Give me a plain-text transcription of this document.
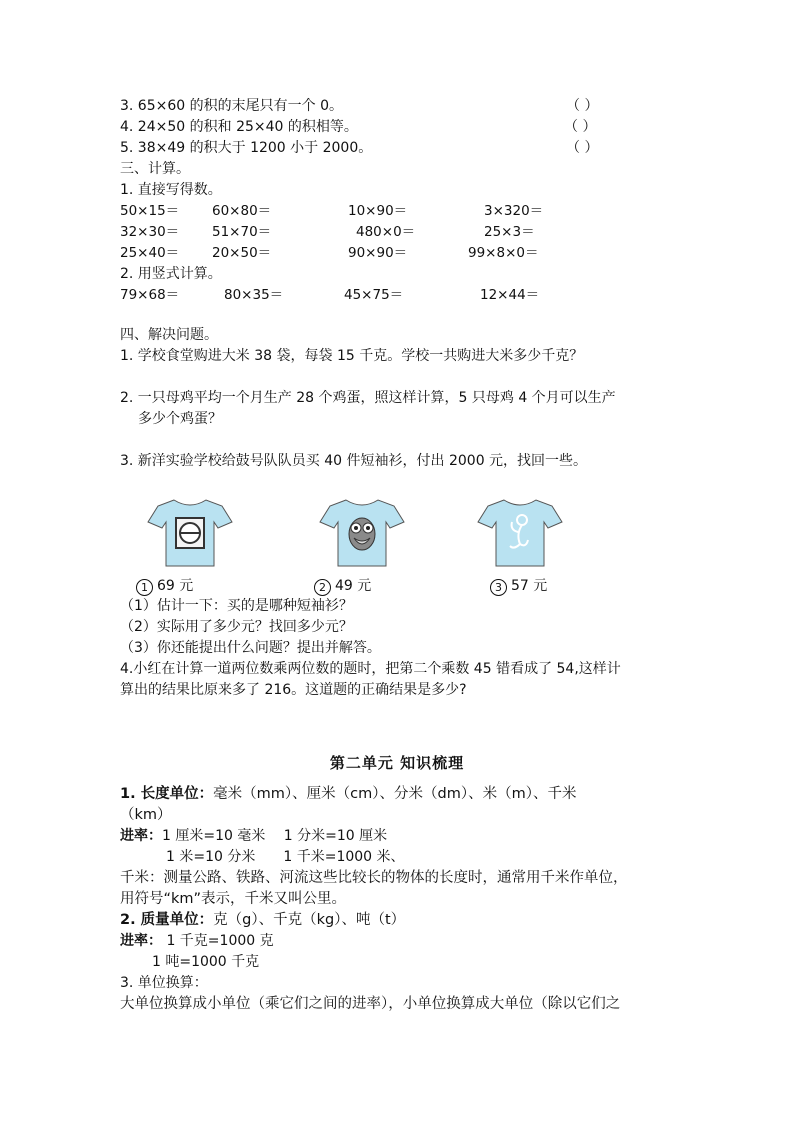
3. 65×60 的积的末尾只有一个 0。	（ ）
4. 24×50 的积和 25×40 的积相等。	（ ）
5. 38×49 的积大于 1200 小于 2000。	（ ）
三、计算。
1. 直接写得数。
50×15＝ 60×80＝	10×90＝	3×320＝
32×30＝ 51×70＝	480×0＝	25×3＝
25×40＝ 20×50＝	90×90＝	99×8×0＝
2. 用竖式计算。
79×68＝	80×35＝	45×75＝	12×44＝
四、解决问题。
1. 学校食堂购进大米 38 袋，每袋 15 千克。学校一共购进大米多少千克？
2. 一只母鸡平均一个月生产 28 个鸡蛋，照这样计算，5 只母鸡 4 个月可以生产
多少个鸡蛋？
3. 新洋实验学校给鼓号队队员买 40 件短袖衫，付出 2000 元，找回一些。
1 69 元	2 49 元	3 57 元
（1）估计一下：买的是哪种短袖衫？
（2）实际用了多少元？找回多少元？
（3）你还能提出什么问题？提出并解答。
4.小红在计算一道两位数乘两位数的题时，把第二个乘数 45 错看成了 54,这样计
算出的结果比原来多了 216。这道题的正确结果是多少?
第二单元 知识梳理
1. 长度单位：毫米（mm）、厘米（cm）、分米（dm）、米（m）、千米
（km）
进率：1 厘米=10 毫米　 1 分米=10 厘米
1 米=10 分米　　1 千米=1000 米、
千米：测量公路、铁路、河流这些比较长的物体的长度时，通常用千米作单位，
用符号“km”表示，千米又叫公里。
2. 质量单位：克（g）、千克（kg）、吨（t）
进率： 1 千克=1000 克
1 吨=1000 千克
3. 单位换算：
大单位换算成小单位（乘它们之间的进率），小单位换算成大单位（除以它们之
